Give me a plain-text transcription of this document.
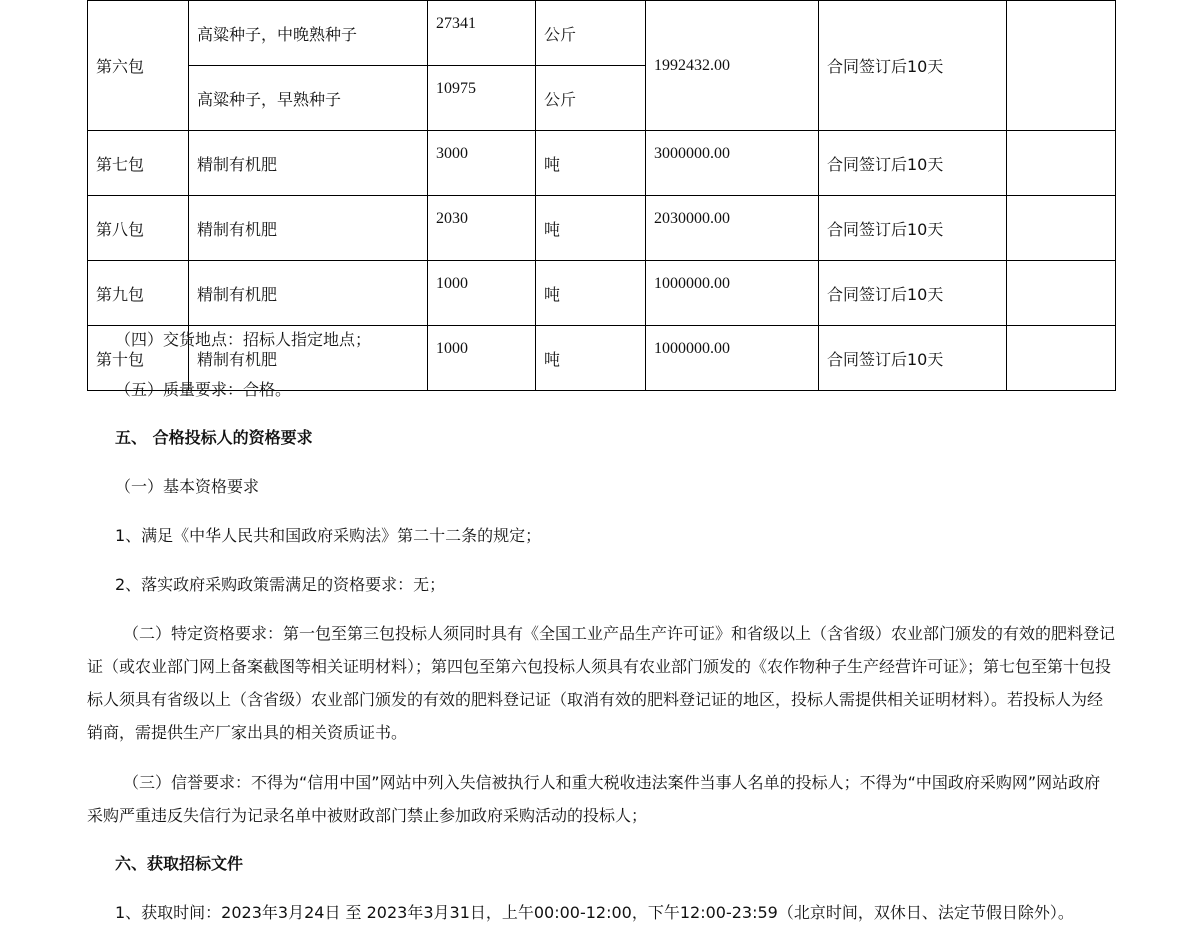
第六包	高粱种子，中晚熟种子	27341	公斤	1992432.00	合同签订后10天	
	高粱种子，早熟种子	10975	公斤			
第七包	精制有机肥	3000	吨	3000000.00	合同签订后10天	
第八包	精制有机肥	2030	吨	2030000.00	合同签订后10天	
第九包	精制有机肥	1000	吨	1000000.00	合同签订后10天	
第十包	精制有机肥	1000	吨	1000000.00	合同签订后10天	

（四）交货地点：招标人指定地点；

（五）质量要求：合格。

五、 合格投标人的资格要求

（一）基本资格要求

1、满足《中华人民共和国政府采购法》第二十二条的规定；

2、落实政府采购政策需满足的资格要求：无；

（二）特定资格要求：第一包至第三包投标人须同时具有《全国工业产品生产许可证》和省级以上（含省级）农业部门颁发的有效的肥料登记证（或农业部门网上备案截图等相关证明材料）；第四包至第六包投标人须具有农业部门颁发的《农作物种子生产经营许可证》；第七包至第十包投标人须具有省级以上（含省级）农业部门颁发的有效的肥料登记证（取消有效的肥料登记证的地区，投标人需提供相关证明材料）。若投标人为经销商，需提供生产厂家出具的相关资质证书。

（三）信誉要求：不得为“信用中国”网站中列入失信被执行人和重大税收违法案件当事人名单的投标人；不得为“中国政府采购网”网站政府采购严重违反失信行为记录名单中被财政部门禁止参加政府采购活动的投标人；

六、获取招标文件

1、获取时间：2023年3月24日 至 2023年3月31日，上午00:00-12:00，下午12:00-23:59（北京时间，双休日、法定节假日除外）。
